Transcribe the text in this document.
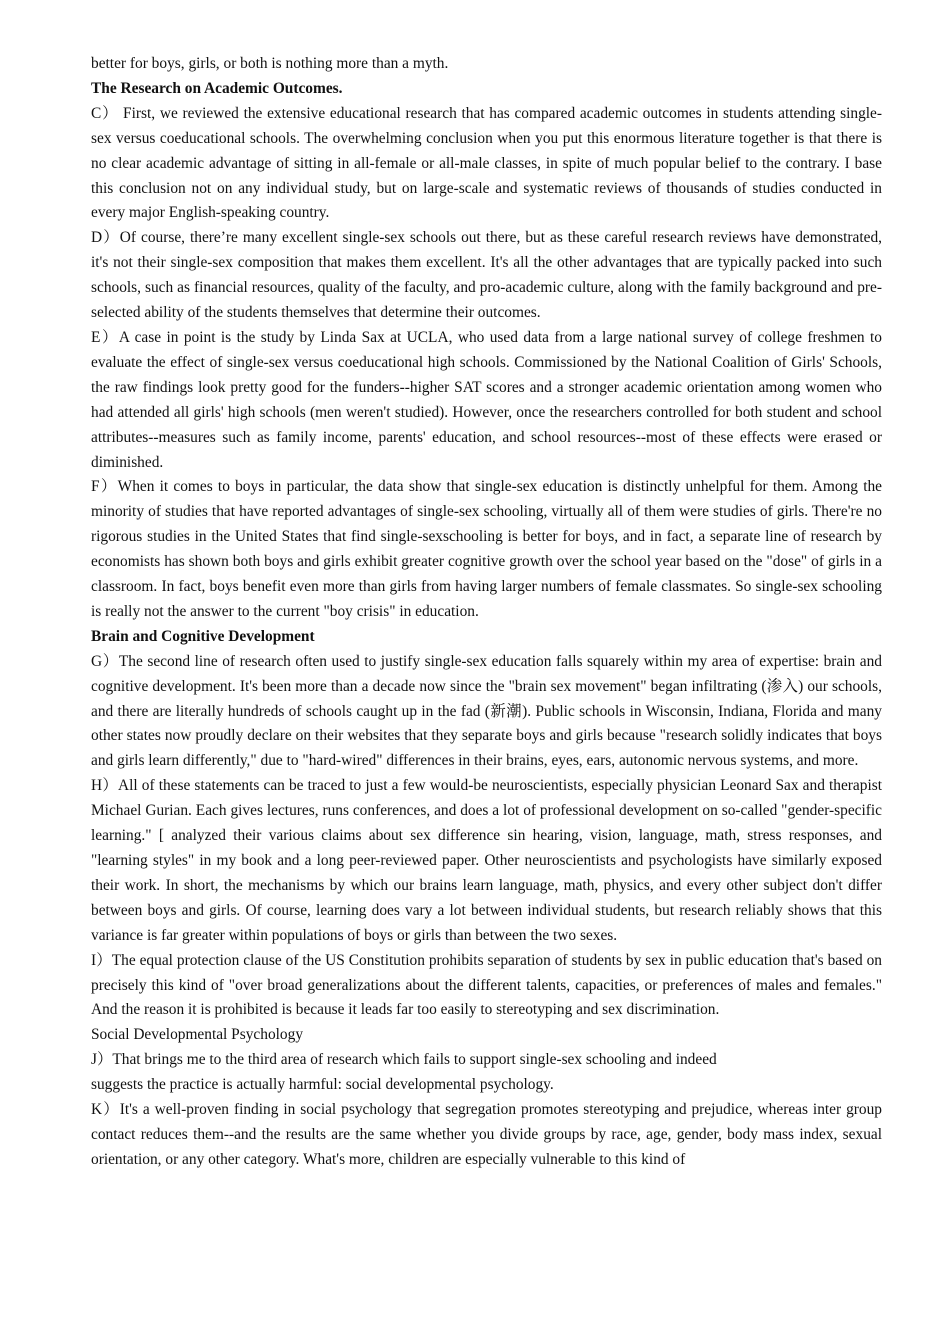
better for boys, girls, or both is nothing more than a myth.

The Research on Academic Outcomes.

C） First, we reviewed the extensive educational research that has compared academic outcomes in students attending single-sex versus coeducational schools. The overwhelming conclusion when you put this enormous literature together is that there is no clear academic advantage of sitting in all-female or all-male classes, in spite of much popular belief to the contrary. I base this conclusion not on any individual study, but on large-scale and systematic reviews of thousands of studies conducted in every major English-speaking country.

D）Of course, there’re many excellent single-sex schools out there, but as these careful research reviews have demonstrated, it's not their single-sex composition that makes them excellent. It's all the other advantages that are typically packed into such schools, such as financial resources, quality of the faculty, and pro-academic culture, along with the family background and pre-selected ability of the students themselves that determine their outcomes.

E）A case in point is the study by Linda Sax at UCLA, who used data from a large national survey of college freshmen to evaluate the effect of single-sex versus coeducational high schools. Commissioned by the National Coalition of Girls' Schools, the raw findings look pretty good for the funders--higher SAT scores and a stronger academic orientation among women who had attended all girls' high schools (men weren't studied). However, once the researchers controlled for both student and school attributes--measures such as family income, parents' education, and school resources--most of these effects were erased or diminished.

F）When it comes to boys in particular, the data show that single-sex education is distinctly unhelpful for them. Among the minority of studies that have reported advantages of single-sex schooling, virtually all of them were studies of girls. There're no rigorous studies in the United States that find single-sexschooling is better for boys, and in fact, a separate line of research by economists has shown both boys and girls exhibit greater cognitive growth over the school year based on the "dose" of girls in a classroom. In fact, boys benefit even more than girls from having larger numbers of female classmates. So single-sex schooling is really not the answer to the current "boy crisis" in education.

Brain and Cognitive Development

G）The second line of research often used to justify single-sex education falls squarely within my area of expertise: brain and cognitive development. It's been more than a decade now since the "brain sex movement" began infiltrating (渗入) our schools, and there are literally hundreds of schools caught up in the fad (新潮). Public schools in Wisconsin, Indiana, Florida and many other states now proudly declare on their websites that they separate boys and girls because "research solidly indicates that boys and girls learn differently," due to "hard-wired" differences in their brains, eyes, ears, autonomic nervous systems, and more.

H）All of these statements can be traced to just a few would-be neuroscientists, especially physician Leonard Sax and therapist Michael Gurian. Each gives lectures, runs conferences, and does a lot of professional development on so-called "gender-specific learning." [ analyzed their various claims about sex difference sin hearing, vision, language, math, stress responses, and "learning styles" in my book and a long peer-reviewed paper. Other neuroscientists and psychologists have similarly exposed their work. In short, the mechanisms by which our brains learn language, math, physics, and every other subject don't differ between boys and girls. Of course, learning does vary a lot between individual students, but research reliably shows that this variance is far greater within populations of boys or girls than between the two sexes.

I）The equal protection clause of the US Constitution prohibits separation of students by sex in public education that's based on precisely this kind of "over broad generalizations about the different talents, capacities, or preferences of males and females." And the reason it is prohibited is because it leads far too easily to stereotyping and sex discrimination.

Social Developmental Psychology

J）That brings me to the third area of research which fails to support single-sex schooling and indeed

suggests the practice is actually harmful: social developmental psychology.

K）It's a well-proven finding in social psychology that segregation promotes stereotyping and prejudice, whereas inter group contact reduces them--and the results are the same whether you divide groups by race, age, gender, body mass index, sexual orientation, or any other category. What's more, children are especially vulnerable to this kind of
